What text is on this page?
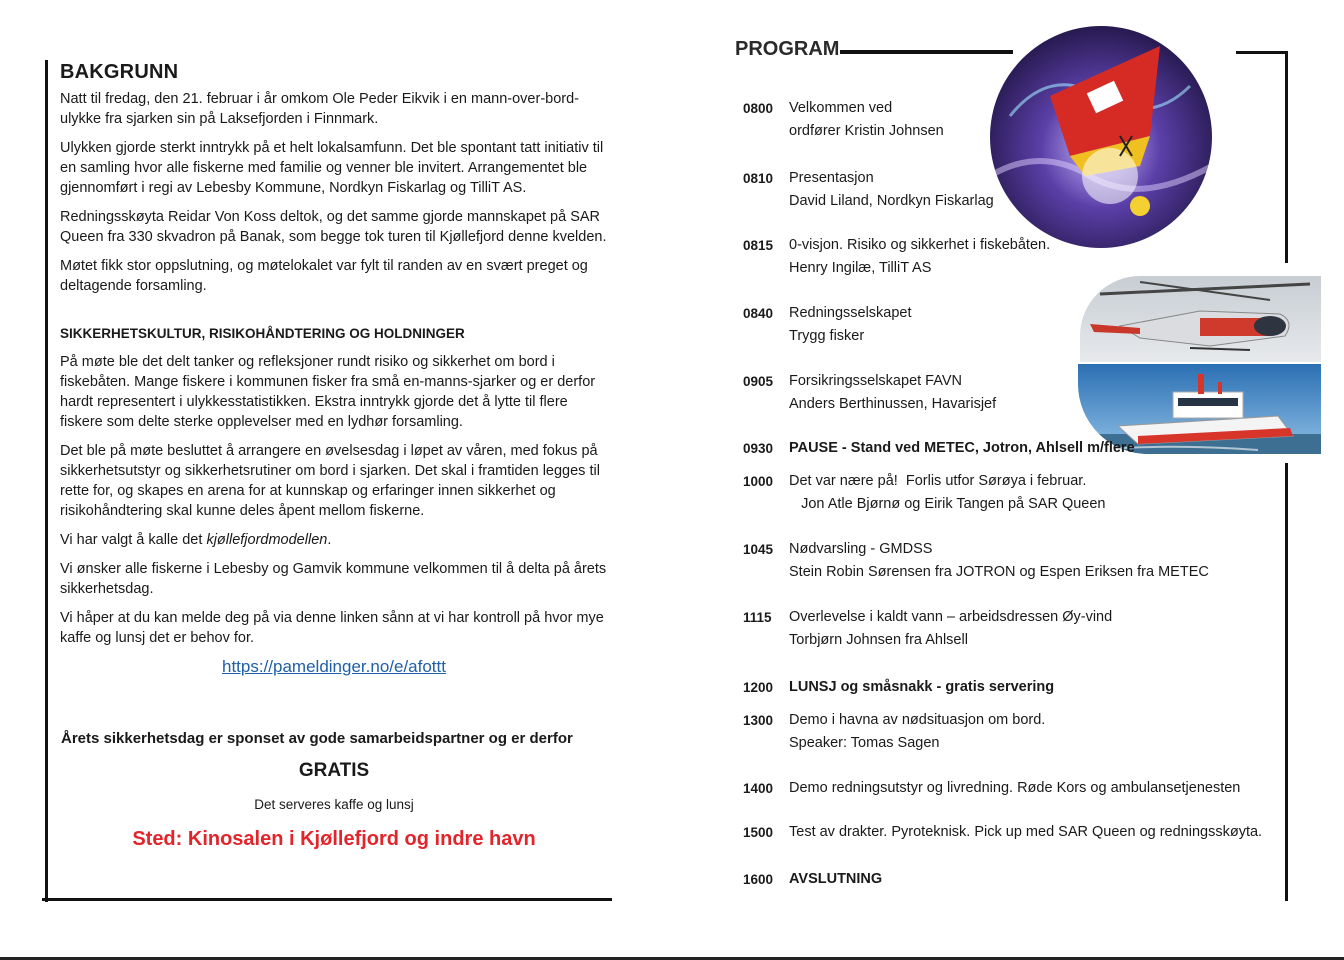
BAKGRUNN

Natt til fredag, den 21. februar i år omkom Ole Peder Eikvik i en mann-over-bord-ulykke fra sjarken sin på Laksefjorden i Finnmark.

Ulykken gjorde sterkt inntrykk på et helt lokalsamfunn. Det ble spontant tatt initiativ til en samling hvor alle fiskerne med familie og venner ble invitert. Arrangementet ble gjennomført i regi av Lebesby Kommune, Nordkyn Fiskarlag og TilliT AS.

Redningsskøyta Reidar Von Koss deltok, og det samme gjorde mannskapet på SAR Queen fra 330 skvadron på Banak, som begge tok turen til Kjøllefjord denne kvelden.

Møtet fikk stor oppslutning, og møtelokalet var fylt til randen av en svært preget og deltagende forsamling.

SIKKERHETSKULTUR, RISIKOHÅNDTERING OG HOLDNINGER

På møte ble det delt tanker og refleksjoner rundt risiko og sikkerhet om bord i fiskebåten. Mange fiskere i kommunen fisker fra små en-manns-sjarker og er derfor hardt representert i ulykkesstatistikken. Ekstra inntrykk gjorde det å lytte til flere fiskere som delte sterke opplevelser med en lydhør forsamling.

Det ble på møte besluttet å arrangere en øvelsesdag i løpet av våren, med fokus på sikkerhetsutstyr og sikkerhetsrutiner om bord i sjarken. Det skal i framtiden legges til rette for, og skapes en arena for at kunnskap og erfaringer innen sikkerhet og risikohåndtering skal kunne deles åpent mellom fiskerne.

Vi har valgt å kalle det kjøllefjordmodellen.

Vi ønsker alle fiskerne i Lebesby og Gamvik kommune velkommen til å delta på årets sikkerhetsdag.

Vi håper at du kan melde deg på via denne linken sånn at vi har kontroll på hvor mye kaffe og lunsj det er behov for.

https://pameldinger.no/e/afottt
Årets sikkerhetsdag er sponset av gode samarbeidspartner og er derfor
GRATIS
Det serveres kaffe og lunsj
Sted: Kinosalen i Kjøllefjord og indre havn
PROGRAM
0800	Velkommen ved
ordfører Kristin Johnsen
0810	Presentasjon
David Liland, Nordkyn Fiskarlag
0815	0-visjon. Risiko og sikkerhet i fiskebåten.
Henry Ingilæ, TilliT AS
0840	Redningsselskapet
Trygg fisker
0905	Forsikringsselskapet FAVN
Anders Berthinussen, Havarisjef
0930	PAUSE - Stand ved METEC, Jotron, Ahlsell m/flere
1000	Det var nære på!  Forlis utfor Sørøya i februar.
Jon Atle Bjørnø og Eirik Tangen på SAR Queen
1045	Nødvarsling - GMDSS
Stein Robin Sørensen fra JOTRON og Espen Eriksen fra METEC
1115	Overlevelse i kaldt vann – arbeidsdressen Øy-vind
Torbjørn Johnsen fra Ahlsell
1200	LUNSJ og småsnakk - gratis servering
1300	Demo i havna av nødsituasjon om bord.
Speaker: Tomas Sagen
1400	Demo redningsutstyr og livredning. Røde Kors og ambulansetjenesten
1500	Test av drakter. Pyroteknisk. Pick up med SAR Queen og redningsskøyta.
1600	AVSLUTNING
